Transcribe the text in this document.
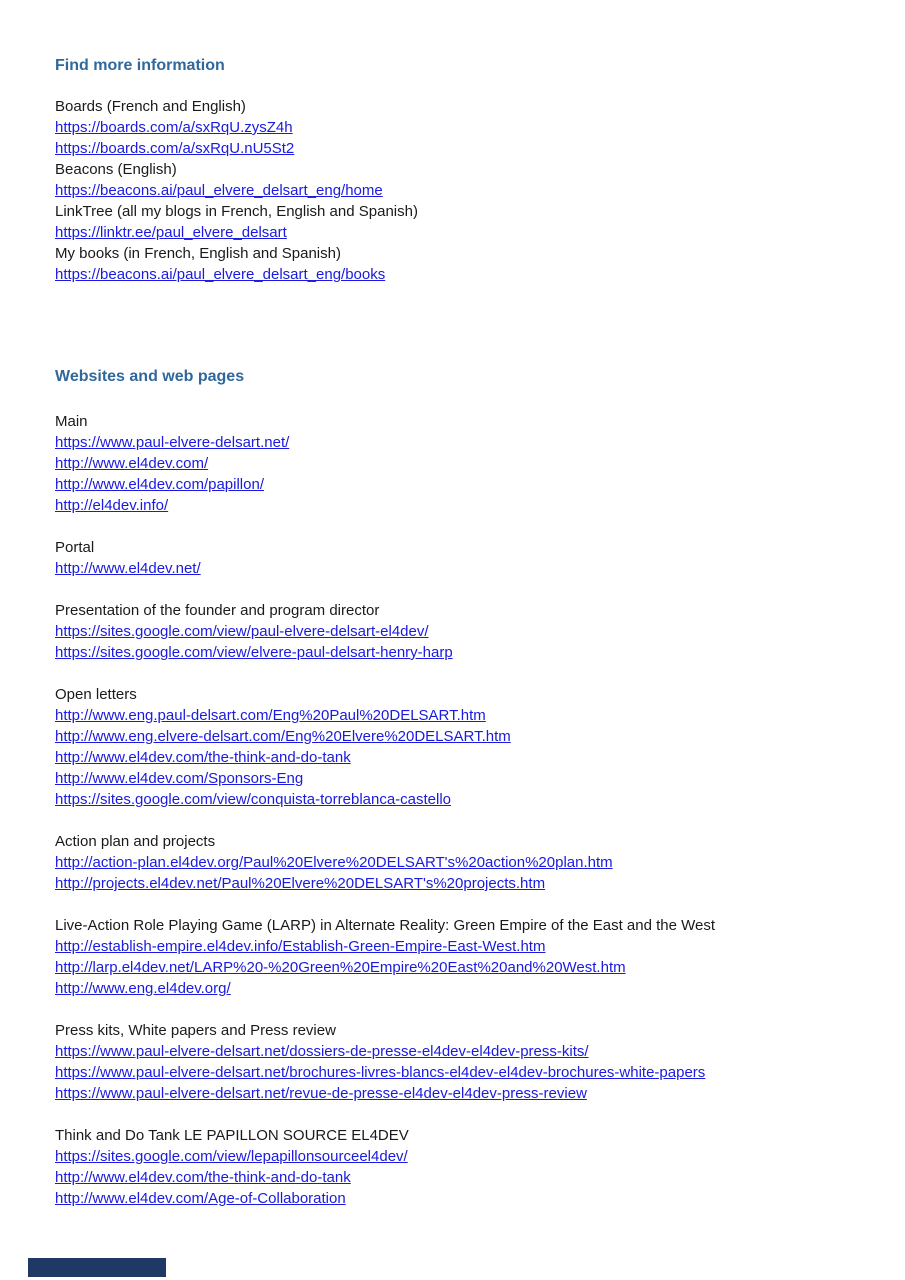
Find more information
Boards (French and English)
https://boards.com/a/sxRqU.zysZ4h
https://boards.com/a/sxRqU.nU5St2
Beacons (English)
https://beacons.ai/paul_elvere_delsart_eng/home
LinkTree (all my blogs in French, English and Spanish)
https://linktr.ee/paul_elvere_delsart
My books (in French, English and Spanish)
https://beacons.ai/paul_elvere_delsart_eng/books
Websites and web pages
Main
https://www.paul-elvere-delsart.net/
http://www.el4dev.com/
http://www.el4dev.com/papillon/
http://el4dev.info/
Portal
http://www.el4dev.net/
Presentation of the founder and program director
https://sites.google.com/view/paul-elvere-delsart-el4dev/
https://sites.google.com/view/elvere-paul-delsart-henry-harp
Open letters
http://www.eng.paul-delsart.com/Eng%20Paul%20DELSART.htm
http://www.eng.elvere-delsart.com/Eng%20Elvere%20DELSART.htm
http://www.el4dev.com/the-think-and-do-tank
http://www.el4dev.com/Sponsors-Eng
https://sites.google.com/view/conquista-torreblanca-castello
Action plan and projects
http://action-plan.el4dev.org/Paul%20Elvere%20DELSART's%20action%20plan.htm
http://projects.el4dev.net/Paul%20Elvere%20DELSART's%20projects.htm
Live-Action Role Playing Game (LARP) in Alternate Reality: Green Empire of the East and the West
http://establish-empire.el4dev.info/Establish-Green-Empire-East-West.htm
http://larp.el4dev.net/LARP%20-%20Green%20Empire%20East%20and%20West.htm
http://www.eng.el4dev.org/
Press kits, White papers and Press review
https://www.paul-elvere-delsart.net/dossiers-de-presse-el4dev-el4dev-press-kits/
https://www.paul-elvere-delsart.net/brochures-livres-blancs-el4dev-el4dev-brochures-white-papers
https://www.paul-elvere-delsart.net/revue-de-presse-el4dev-el4dev-press-review
Think and Do Tank LE PAPILLON SOURCE EL4DEV
https://sites.google.com/view/lepapillonsourceel4dev/
http://www.el4dev.com/the-think-and-do-tank
http://www.el4dev.com/Age-of-Collaboration
